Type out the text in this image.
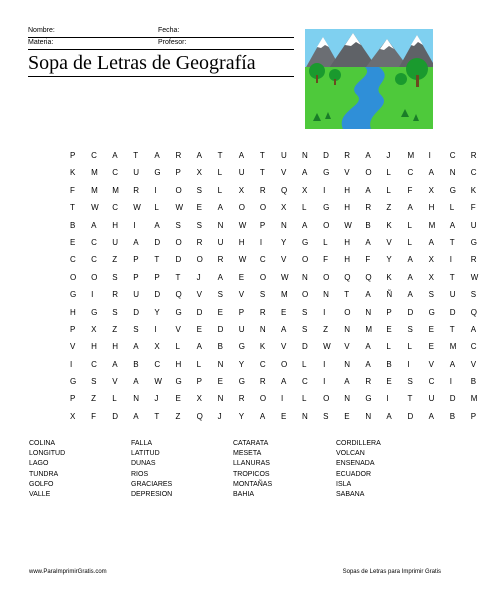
Nombre:	Fecha:
Materia:	Profesor:
Sopa de Letras de Geografía
P	C	A	T	A	R	A	T	A	T	U	N	D	R	A	J	M	I	C	R
K	M	C	U	G	P	X	L	U	T	V	A	G	V	O	L	C	A	N	C
F	M	M	R	I	O	S	L	X	R	Q	X	I	H	A	L	F	X	G	K
T	W	C	W	L	W	E	A	O	O	X	L	G	H	R	Z	A	H	L	F
B	A	H	I	A	S	S	N	W	P	N	A	O	W	B	K	L	M	A	U
E	C	U	A	D	O	R	U	H	I	Y	G	L	H	A	V	L	A	T	G
C	C	Z	P	T	D	O	R	W	C	V	O	F	H	F	Y	A	X	I	R
O	O	S	P	P	T	J	A	E	O	W	N	O	Q	Q	K	A	X	T	W
G	I	R	U	D	Q	V	S	V	S	M	O	N	T	A	Ñ	A	S	U	S
H	G	S	D	Y	G	D	E	P	R	E	S	I	O	N	P	D	G	D	Q
P	X	Z	S	I	V	E	D	U	N	A	S	Z	N	M	E	S	E	T	A
V	H	H	A	X	L	A	B	G	K	V	D	W	V	A	L	L	E	M	C
I	C	A	B	C	H	L	N	Y	C	O	L	I	N	A	B	I	V	A	V
G	S	V	A	W	G	P	E	G	R	A	C	I	A	R	E	S	C	I	B
P	Z	L	N	J	E	X	N	R	O	I	L	O	N	G	I	T	U	D	M
X	F	D	A	T	Z	Q	J	Y	A	E	N	S	E	N	A	D	A	B	P
COLINA
LONGITUD
LAGO
TUNDRA
GOLFO
VALLE
FALLA
LATITUD
DUNAS
RIOS
GRACIARES
DEPRESION
CATARATA
MESETA
LLANURAS
TROPICOS
MONTAÑAS
BAHIA
CORDILLERA
VOLCAN
ENSENADA
ECUADOR
ISLA
SABANA
www.ParaImprimirGratis.com	Sopas de Letras para Imprimir Gratis
